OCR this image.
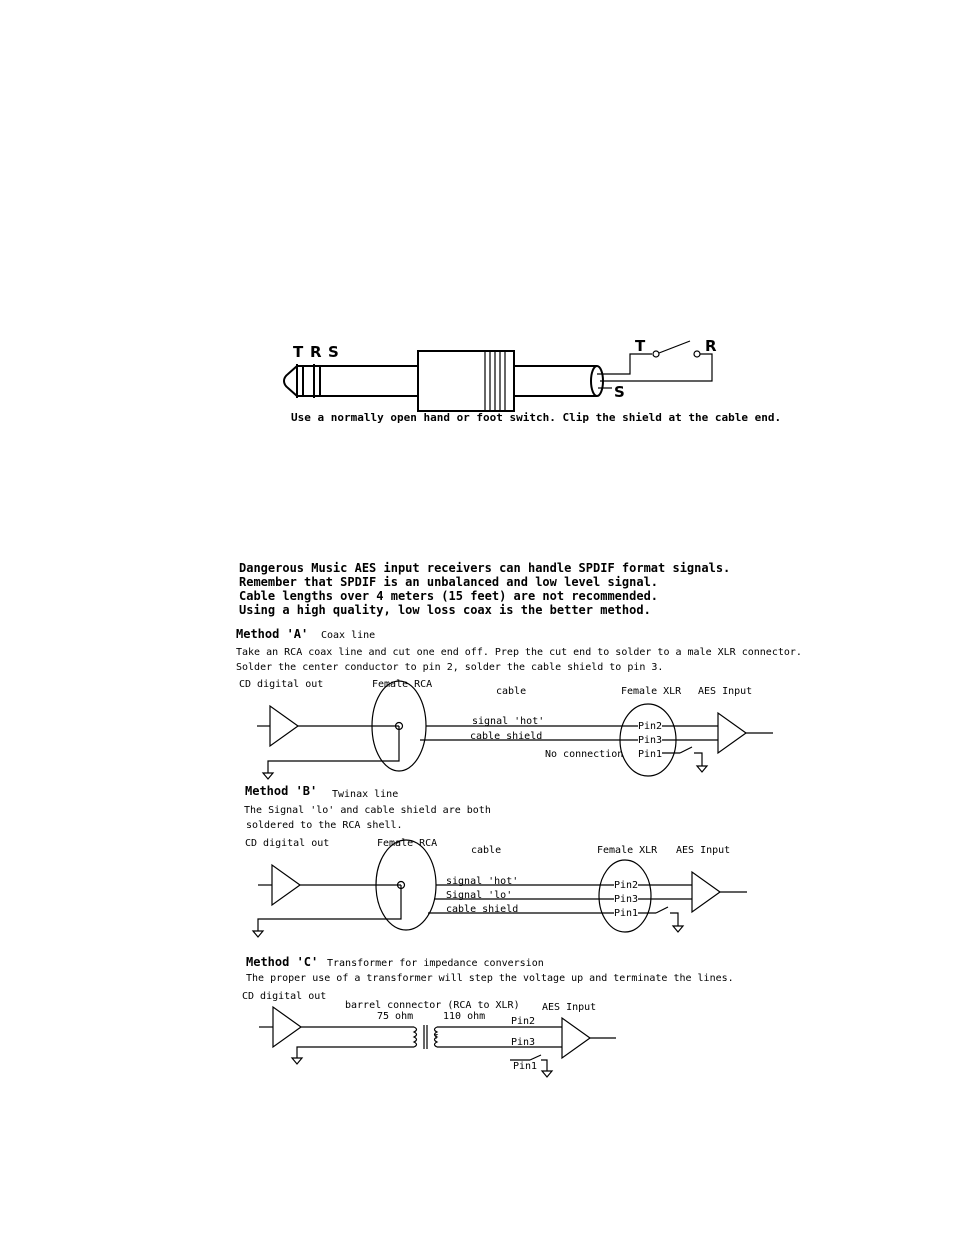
T R S	T	R
S
Use a normally open hand or foot switch. Clip the shield at the cable end.
Dangerous Music AES input receivers can handle SPDIF format signals.
Remember that SPDIF is an unbalanced and low level signal.
Cable lengths over 4 meters (15 feet) are not recommended.
Using a high quality, low loss coax is the better method.
Method 'A' Coax line
Take an RCA coax line and cut one end off. Prep the cut end to solder to a male XLR connector.
Solder the center conductor to pin 2, solder the cable shield to pin 3.
CD digital out	Female RCA
cable	Female XLR AES Input
signal 'hot'
cable shield
No connection
Pin2
Pin3
Pin1
Method 'B' Twinax line
The Signal 'lo' and cable shield are both
soldered to the RCA shell.
CD digital out	Female RCA
cable	Female XLR AES Input
signal 'hot'
Signal 'lo'
cable shield
Pin2
Pin3
Pin1
Method 'C' Transformer for impedance conversion
The proper use of a transformer will step the voltage up and terminate the lines.
CD digital out
barrel connector (RCA to XLR)
75 ohm	110 ohm
AES Input
T
Pin2
Pin3
Pin1
